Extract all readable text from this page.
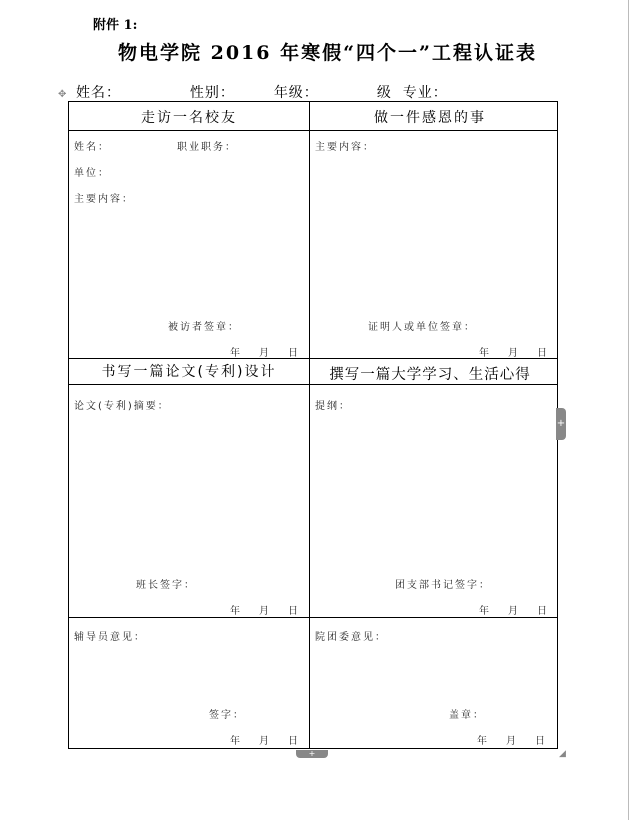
附件 1:
物电学院 2016 年寒假“四个一”工程认证表
✥ 姓名：	性别：	年级：	级 专业：
走访一名校友	做一件感恩的事
姓名：	职业职务：
单位：
主要内容：
被访者签章：
年 月 日
主要内容：
证明人或单位签章：
年 月 日
书写一篇论文(专利)设计	撰写一篇大学学习、生活心得
论文(专利)摘要：
班长签字：
年 月 日
提纲：
团支部书记签字：
年 月 日
辅导员意见：
签字：
年 月 日
院团委意见：
盖章：
年 月 日
+
+	◢
